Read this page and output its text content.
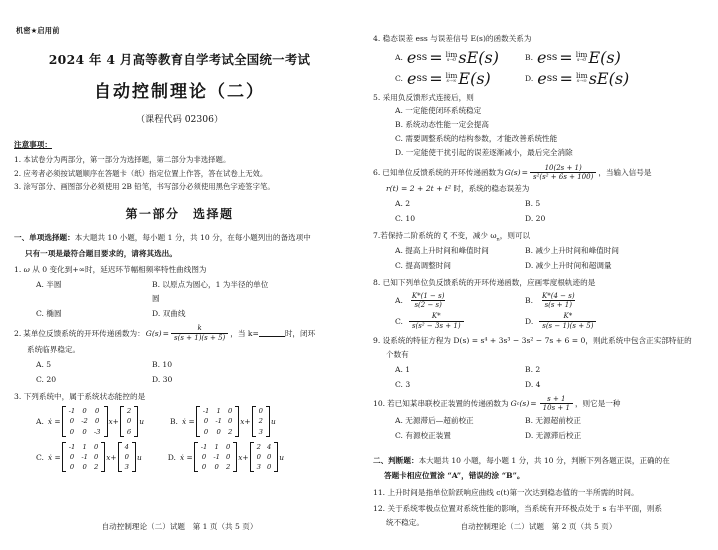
机密★启用前
2024 年 4 月高等教育自学考试全国统一考试
自动控制理论（二）
（课程代码 02306）
注意事项：
1. 本试卷分为两部分，第一部分为选择题，第二部分为非选择题。
2. 应考者必须按试题顺序在答题卡（纸）指定位置上作答，答在试卷上无效。
3. 涂写部分、画图部分必须使用 2B 铅笔，书写部分必须使用黑色字迹签字笔。
第一部分　选择题
一、单项选择题：本大题共 10 小题，每小题 1 分，共 10 分，在每小题列出的备选项中
只有一项是最符合题目要求的，请将其选出。
1. ω 从 0 变化到+∞时，延迟环节幅相频率特性曲线图为
A. 半圆	B. 以原点为圆心，1 为半径的单位圆
C. 椭圆	D. 双曲线
2. 某单位反馈系统的开环传递函数为： $G(s) = \frac{k}{s(s + 1)(s + 5)}$ ，当 k=	时，闭环
系统临界稳定。
A. 5	B. 10
C. 20	D. 30
3. 下列系统中，属于系统状态能控的是
A. ẋ =
-1	0	0
0	-2	0
0	0	-3
x+
2
0
6
u	B. ẋ =
-1	1	0
0	-1	0
0	0	2
x+
0
2
3
u
C. ẋ =
-1	1	0
0	-1	0
0	0	2
x+
4
0
3
u	D. ẋ =
-1	1	0
0	-1	0
0	0	2
x+
2	4
0	0
3	0
u
自动控制理论（二）试题　第 1 页（共 5 页）
4. 稳态误差 ess 与误差信号 E(s)的函数关系为
A. e ss = lim
s→0 sE(s)	B. e ss = lim
s→0 E(s)
C. e ss = lim
s→∞ E(s)	D. e ss = lim
s→∞ sE(s)
5. 采用负反馈形式连接后，则
A. 一定能使闭环系统稳定
B. 系统动态性能一定会提高
C. 需要调整系统的结构参数，才能改善系统性能
D. 一定能使干扰引起的误差逐渐减小，最后完全消除
6. 已知单位反馈系统的开环传递函数为 $G(s) = \frac{10(2s + 1)}{\text{s²(s² + 6s + 100)}}$ ，当输入信号是
r(t) = 2 + 2t + t² 时，系统的稳态误差为
A. 2	B. 5
C. 10	D. 20
7.若保持二阶系统的 ζ 不变，减少 $\omega_n$，则可以
A. 提高上升时间和峰值时间	B. 减少上升时间和峰值时间
C. 提高调整时间	D. 减少上升时间和超调量
8. 已知下列单位负反馈系统的开环传递函数，应画零度根轨迹的是
A. $\frac{K*(1 - s)}{s(2 - s)}$	B. $\frac{K*(4 - s)}{s(s + 1)}$
C. $\frac{K*}{\text{s(s² − 3s + 1)}}$	D. $\frac{K*}{s(s - 1)(s + 5)}$
9. 设系统的特征方程为 D(s) = s⁴ + 3s³ − 3s² − 7s + 6 = 0，则此系统中包含正实部特征的
个数有
A. 1	B. 2
C. 3	D. 4
10. 若已知某串联校正装置的传递函数为 G c $(s) = \frac{s + 1}{10s + 1}$ ，则它是一种
A. 无源滞后—超前校正	B. 无源超前校正
C. 有源校正装置	D. 无源滞后校正
二、判断题：本大题共 10 小题，每小题 1 分，共 10 分，判断下列各题正误，正确的在
答题卡相应位置涂 “A”，错误的涂 “B”。
11. 上升时间是指单位阶跃响应曲线 c(t)第一次达到稳态值的一半所需的时间。
12. 关于系统零极点位置对系统性能的影响，当系统有开环极点处于 s 右半平面，则系
统不稳定。	自动控制理论（二）试题　第 2 页（共 5 页）
